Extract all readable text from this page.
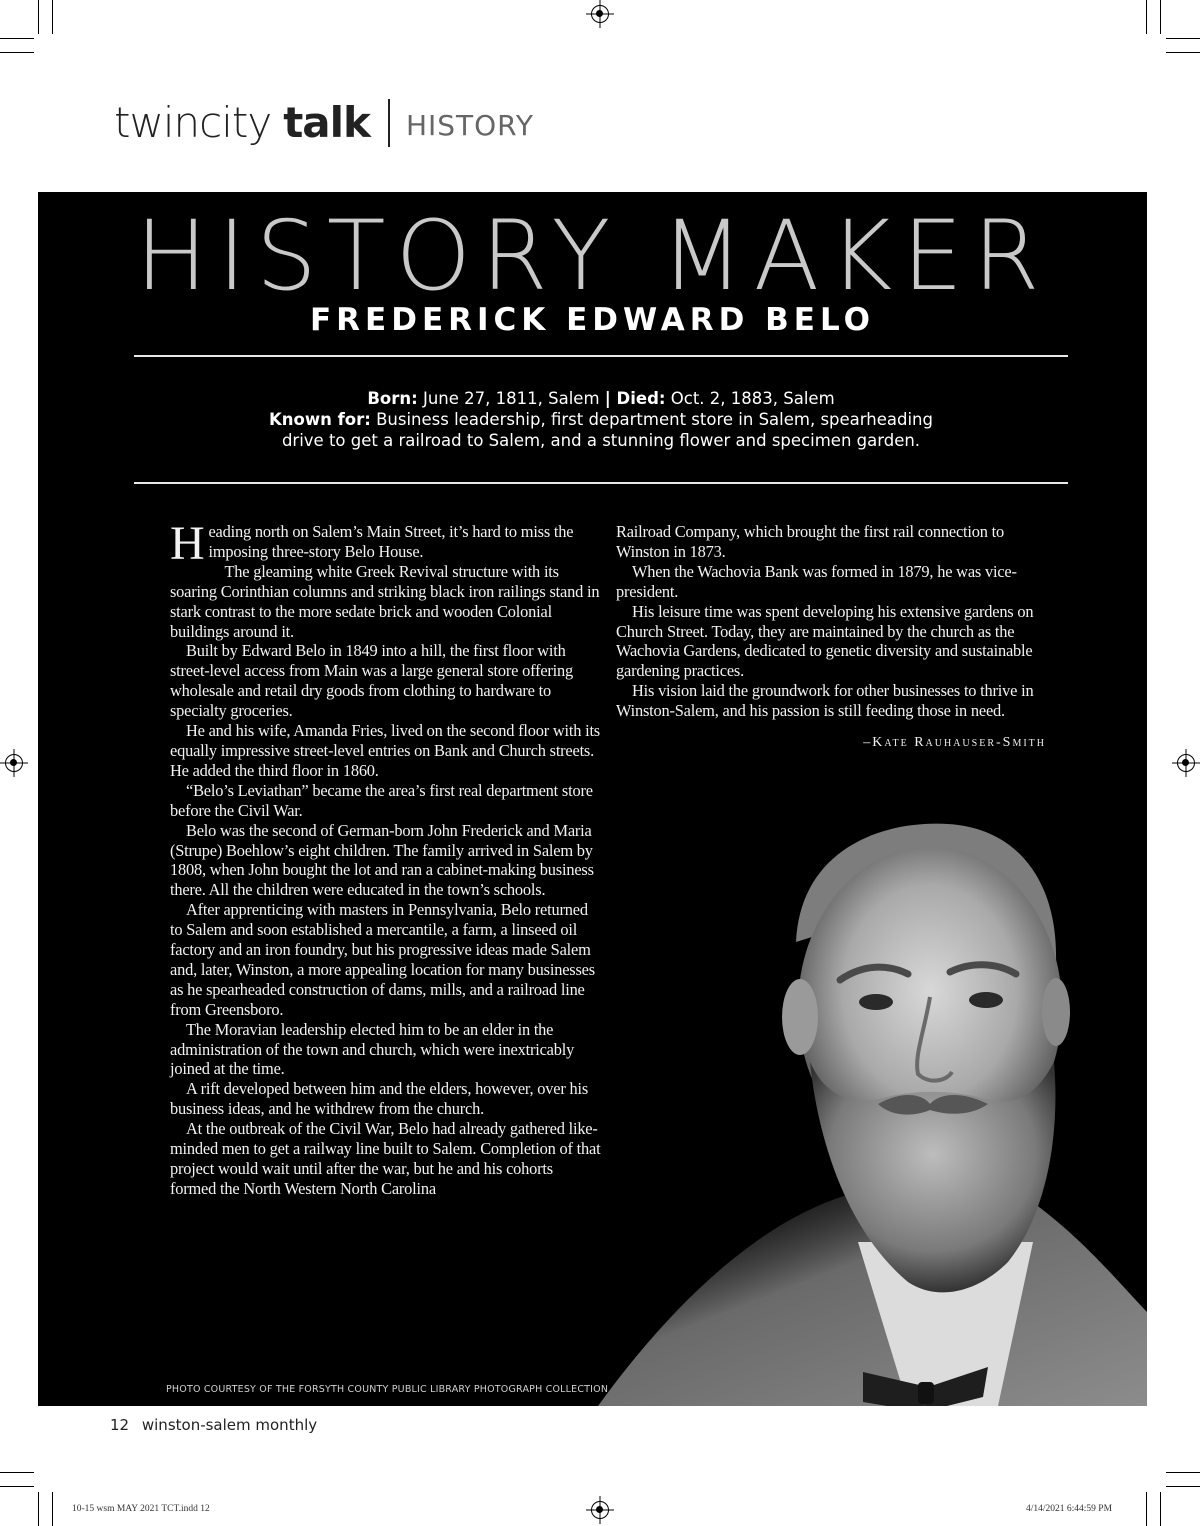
twincity talk HISTORY
HISTORY MAKER
FREDERICK EDWARD BELO
Born: June 27, 1811, Salem | Died: Oct. 2, 1883, Salem
Known for: Business leadership, first department store in Salem, spearheading
drive to get a railroad to Salem, and a stunning flower and specimen garden.

Heading north on Salem’s Main Street, it’s hard to miss the imposing three-story Belo House.

The gleaming white Greek Revival structure with its soaring Corinthian columns and striking black iron railings stand in stark contrast to the more sedate brick and wooden Colonial buildings around it.

Built by Edward Belo in 1849 into a hill, the first floor with street-level access from Main was a large general store offering wholesale and retail dry goods from clothing to hardware to specialty groceries.

He and his wife, Amanda Fries, lived on the second floor with its equally impressive street-level entries on Bank and Church streets. He added the third floor in 1860.

“Belo’s Leviathan” became the area’s first real department store before the Civil War.

Belo was the second of German-born John Frederick and Maria (Strupe) Boehlow’s eight children. The family arrived in Salem by 1808, when John bought the lot and ran a cabinet-making business there. All the children were educated in the town’s schools.

After apprenticing with masters in Pennsylvania, Belo returned to Salem and soon established a mercantile, a farm, a linseed oil factory and an iron foundry, but his progressive ideas made Salem and, later, Winston, a more appealing location for many businesses as he spearheaded construction of dams, mills, and a railroad line from Greensboro.

The Moravian leadership elected him to be an elder in the administration of the town and church, which were inextricably joined at the time.

A rift developed between him and the elders, however, over his business ideas, and he withdrew from the church.

At the outbreak of the Civil War, Belo had already gathered like-minded men to get a railway line built to Salem. Completion of that project would wait until after the war, but he and his cohorts formed the North Western North Carolina

Railroad Company, which brought the first rail connection to Winston in 1873.

When the Wachovia Bank was formed in 1879, he was vice-president.

His leisure time was spent developing his extensive gardens on Church Street. Today, they are maintained by the church as the Wachovia Gardens, dedicated to genetic diversity and sustainable gardening practices.

His vision laid the groundwork for other businesses to thrive in Winston-Salem, and his passion is still feeding those in need.

–Kate Rauhauser-Smith
PHOTO COURTESY OF THE FORSYTH COUNTY PUBLIC LIBRARY PHOTOGRAPH COLLECTION
12 winston-salem monthly
10-15 wsm MAY 2021 TCT.indd 12	4/14/2021 6:44:59 PM
